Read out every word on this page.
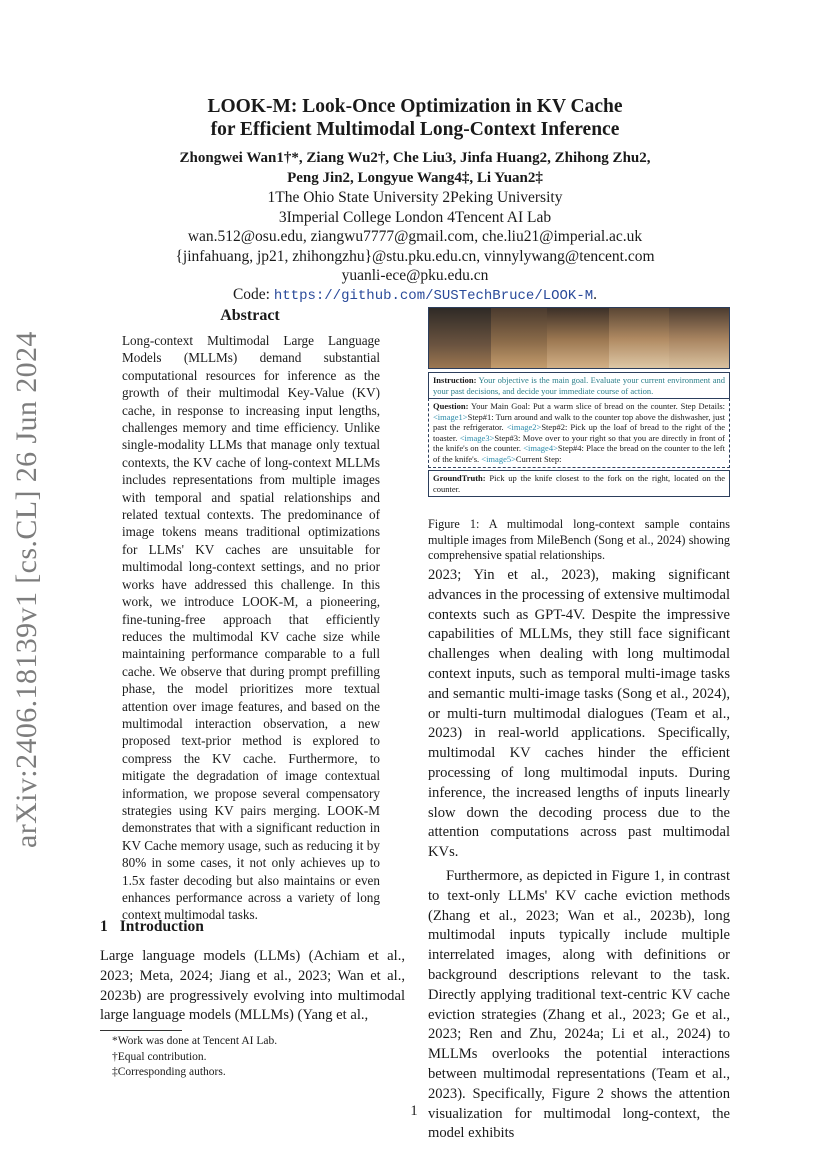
arXiv:2406.18139v1 [cs.CL] 26 Jun 2024
LOOK-M: Look-Once Optimization in KV Cache
for Efficient Multimodal Long-Context Inference
Zhongwei Wan1†*, Ziang Wu2†, Che Liu3, Jinfa Huang2, Zhihong Zhu2,
Peng Jin2, Longyue Wang4‡, Li Yuan2‡
1The Ohio State University 2Peking University
3Imperial College London 4Tencent AI Lab
wan.512@osu.edu, ziangwu7777@gmail.com, che.liu21@imperial.ac.uk
{jinfahuang, jp21, zhihongzhu}@stu.pku.edu.cn, vinnylywang@tencent.com
yuanli-ece@pku.edu.cn
Code: https://github.com/SUSTechBruce/LOOK-M.
Abstract
Long-context Multimodal Large Language Models (MLLMs) demand substantial computational resources for inference as the growth of their multimodal Key-Value (KV) cache, in response to increasing input lengths, challenges memory and time efficiency. Unlike single-modality LLMs that manage only textual contexts, the KV cache of long-context MLLMs includes representations from multiple images with temporal and spatial relationships and related textual contexts. The predominance of image tokens means traditional optimizations for LLMs' KV caches are unsuitable for multimodal long-context settings, and no prior works have addressed this challenge. In this work, we introduce LOOK-M, a pioneering, fine-tuning-free approach that efficiently reduces the multimodal KV cache size while maintaining performance comparable to a full cache. We observe that during prompt prefilling phase, the model prioritizes more textual attention over image features, and based on the multimodal interaction observation, a new proposed text-prior method is explored to compress the KV cache. Furthermore, to mitigate the degradation of image contextual information, we propose several compensatory strategies using KV pairs merging. LOOK-M demonstrates that with a significant reduction in KV Cache memory usage, such as reducing it by 80% in some cases, it not only achieves up to 1.5x faster decoding but also maintains or even enhances performance across a variety of long context multimodal tasks.
1 Introduction
Large language models (LLMs) (Achiam et al., 2023; Meta, 2024; Jiang et al., 2023; Wan et al., 2023b) are progressively evolving into multimodal large language models (MLLMs) (Yang et al.,
*Work was done at Tencent AI Lab.
†Equal contribution.
‡Corresponding authors.
Instruction: Your objective is the main goal. Evaluate your current environment and your past decisions, and decide your immediate course of action.
Question: Your Main Goal: Put a warm slice of bread on the counter. Step Details: <image1>Step#1: Turn around and walk to the counter top above the dishwasher, just past the refrigerator. <image2>Step#2: Pick up the loaf of bread to the right of the toaster. <image3>Step#3: Move over to your right so that you are directly in front of the knife's on the counter. <image4>Step#4: Place the bread on the counter to the left of the knife's. <image5>Current Step:
GroundTruth: Pick up the knife closest to the fork on the right, located on the counter.
Figure 1: A multimodal long-context sample contains multiple images from MileBench (Song et al., 2024) showing comprehensive spatial relationships.

2023; Yin et al., 2023), making significant advances in the processing of extensive multimodal contexts such as GPT-4V. Despite the impressive capabilities of MLLMs, they still face significant challenges when dealing with long multimodal context inputs, such as temporal multi-image tasks and semantic multi-image tasks (Song et al., 2024), or multi-turn multimodal dialogues (Team et al., 2023) in real-world applications. Specifically, multimodal KV caches hinder the efficient processing of long multimodal inputs. During inference, the increased lengths of inputs linearly slow down the decoding process due to the attention computations across past multimodal KVs.

Furthermore, as depicted in Figure 1, in contrast to text-only LLMs' KV cache eviction methods (Zhang et al., 2023; Wan et al., 2023b), long multimodal inputs typically include multiple interrelated images, along with definitions or background descriptions relevant to the task. Directly applying traditional text-centric KV cache eviction strategies (Zhang et al., 2023; Ge et al., 2023; Ren and Zhu, 2024a; Li et al., 2024) to MLLMs overlooks the potential interactions between multimodal representations (Team et al., 2023). Specifically, Figure 2 shows the attention visualization for multimodal long-context, the model exhibits

1
